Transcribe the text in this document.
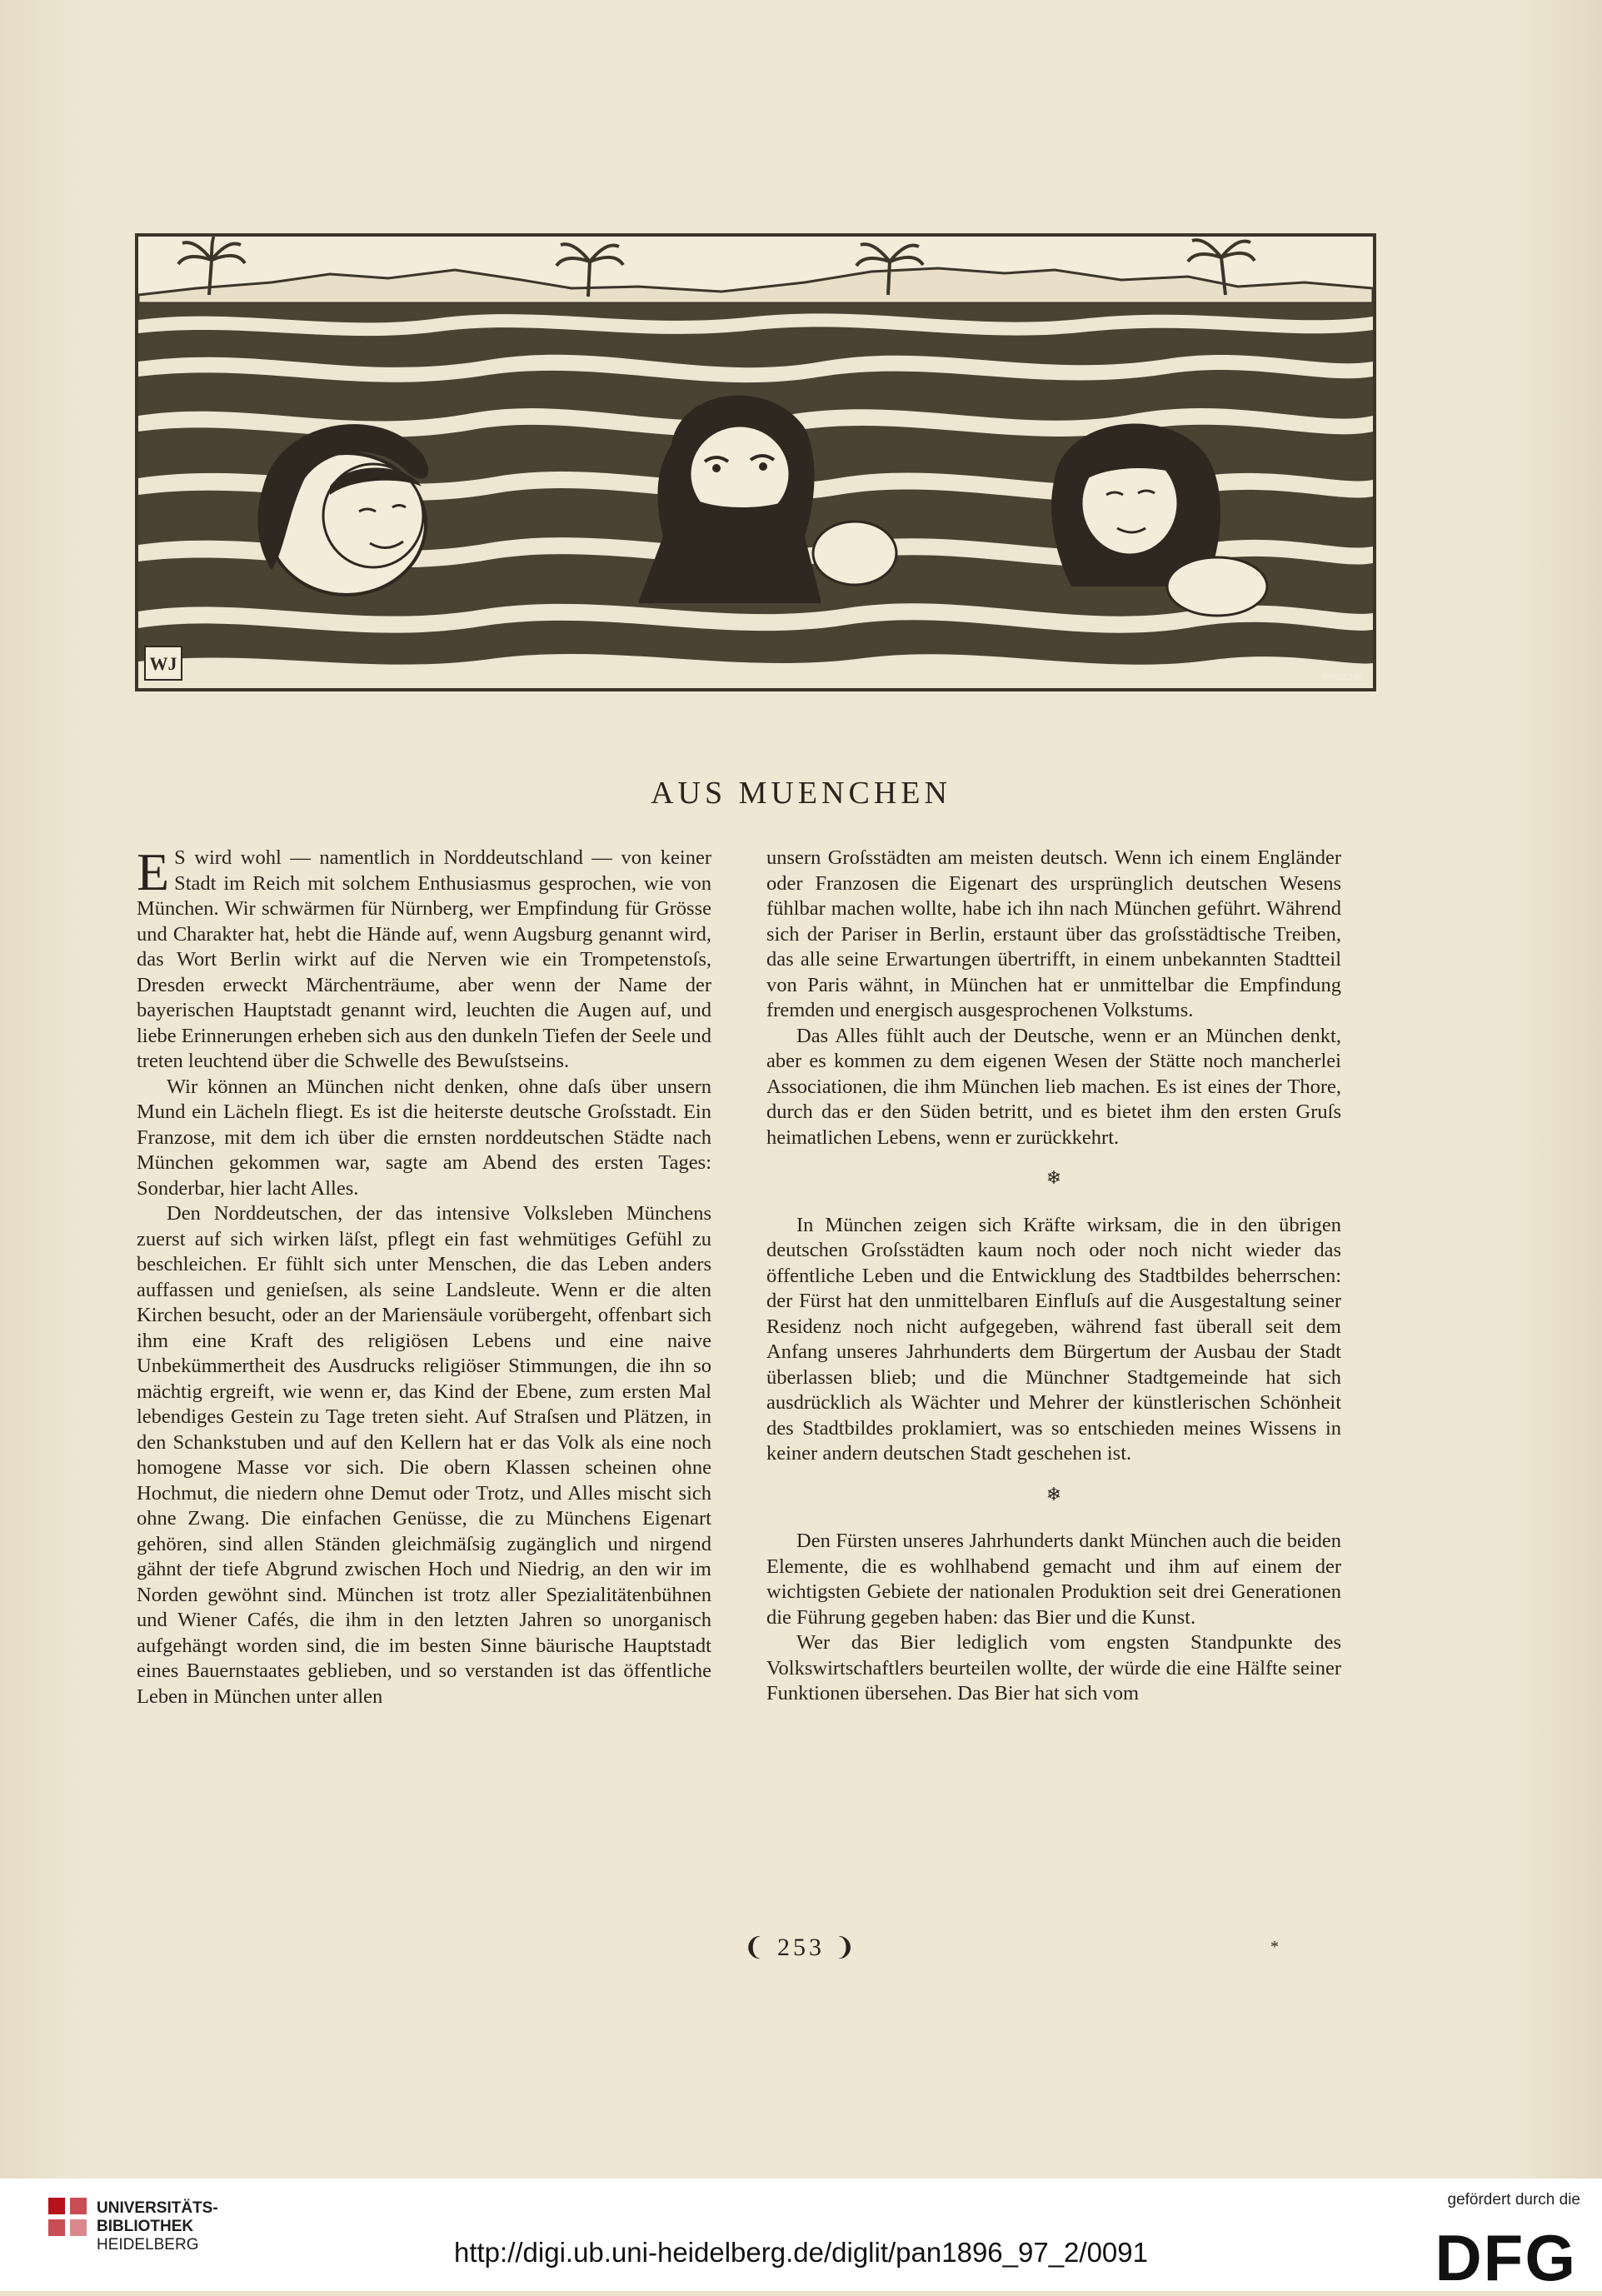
WJ
FRISCHE
AUS MUENCHEN

E S wird wohl — namentlich in Norddeutschland — von keiner Stadt im Reich mit solchem Enthusiasmus gesprochen, wie von München. Wir schwärmen für Nürnberg, wer Empfindung für Grösse und Charakter hat, hebt die Hände auf, wenn Augsburg genannt wird, das Wort Berlin wirkt auf die Nerven wie ein Trompetenstoſs, Dresden erweckt Märchenträume, aber wenn der Name der bayerischen Hauptstadt genannt wird, leuchten die Augen auf, und liebe Erinnerungen erheben sich aus den dunkeln Tiefen der Seele und treten leuchtend über die Schwelle des Bewuſstseins.

Wir können an München nicht denken, ohne daſs über unsern Mund ein Lächeln fliegt. Es ist die heiterste deutsche Groſsstadt. Ein Franzose, mit dem ich über die ernsten norddeutschen Städte nach München gekommen war, sagte am Abend des ersten Tages: Sonderbar, hier lacht Alles.

Den Norddeutschen, der das intensive Volksleben Münchens zuerst auf sich wirken läſst, pflegt ein fast wehmütiges Gefühl zu beschleichen. Er fühlt sich unter Menschen, die das Leben anders auffassen und genieſsen, als seine Landsleute. Wenn er die alten Kirchen besucht, oder an der Mariensäule vorübergeht, offenbart sich ihm eine Kraft des religiösen Lebens und eine naive Unbekümmertheit des Ausdrucks religiöser Stimmungen, die ihn so mächtig ergreift, wie wenn er, das Kind der Ebene, zum ersten Mal lebendiges Gestein zu Tage treten sieht. Auf Straſsen und Plätzen, in den Schankstuben und auf den Kellern hat er das Volk als eine noch homogene Masse vor sich. Die obern Klassen scheinen ohne Hochmut, die niedern ohne Demut oder Trotz, und Alles mischt sich ohne Zwang. Die einfachen Genüsse, die zu Münchens Eigenart gehören, sind allen Ständen gleichmäſsig zugänglich und nirgend gähnt der tiefe Abgrund zwischen Hoch und Niedrig, an den wir im Norden gewöhnt sind. München ist trotz aller Spezialitätenbühnen und Wiener Cafés, die ihm in den letzten Jahren so unorganisch aufgehängt worden sind, die im besten Sinne bäurische Hauptstadt eines Bauernstaates geblieben, und so verstanden ist das öffentliche Leben in München unter allen

unsern Groſsstädten am meisten deutsch. Wenn ich einem Engländer oder Franzosen die Eigenart des ursprünglich deutschen Wesens fühlbar machen wollte, habe ich ihn nach München geführt. Während sich der Pariser in Berlin, erstaunt über das groſsstädtische Treiben, das alle seine Erwartungen übertrifft, in einem unbekannten Stadtteil von Paris wähnt, in München hat er unmittelbar die Empfindung fremden und energisch ausgesprochenen Volkstums.

Das Alles fühlt auch der Deutsche, wenn er an München denkt, aber es kommen zu dem eigenen Wesen der Stätte noch mancherlei Associationen, die ihm München lieb machen. Es ist eines der Thore, durch das er den Süden betritt, und es bietet ihm den ersten Gruſs heimatlichen Lebens, wenn er zurückkehrt.

❄

In München zeigen sich Kräfte wirksam, die in den übrigen deutschen Groſsstädten kaum noch oder noch nicht wieder das öffentliche Leben und die Entwicklung des Stadtbildes beherrschen: der Fürst hat den unmittelbaren Einfluſs auf die Ausgestaltung seiner Residenz noch nicht aufgegeben, während fast überall seit dem Anfang unseres Jahrhunderts dem Bürgertum der Ausbau der Stadt überlassen blieb; und die Münchner Stadtgemeinde hat sich ausdrücklich als Wächter und Mehrer der künstlerischen Schönheit des Stadtbildes proklamiert, was so entschieden meines Wissens in keiner andern deutschen Stadt geschehen ist.

❄

Den Fürsten unseres Jahrhunderts dankt München auch die beiden Elemente, die es wohlhabend gemacht und ihm auf einem der wichtigsten Gebiete der nationalen Produktion seit drei Generationen die Führung gegeben haben: das Bier und die Kunst.

Wer das Bier lediglich vom engsten Standpunkte des Volkswirtschaftlers beurteilen wollte, der würde die eine Hälfte seiner Funktionen übersehen. Das Bier hat sich vom

❨ 253 ❩	*
UNIVERSITÄTS-
BIBLIOTHEK
HEIDELBERG	http://digi.ub.uni-heidelberg.de/diglit/pan1896_97_2/0091
gefördert durch die
DFG
